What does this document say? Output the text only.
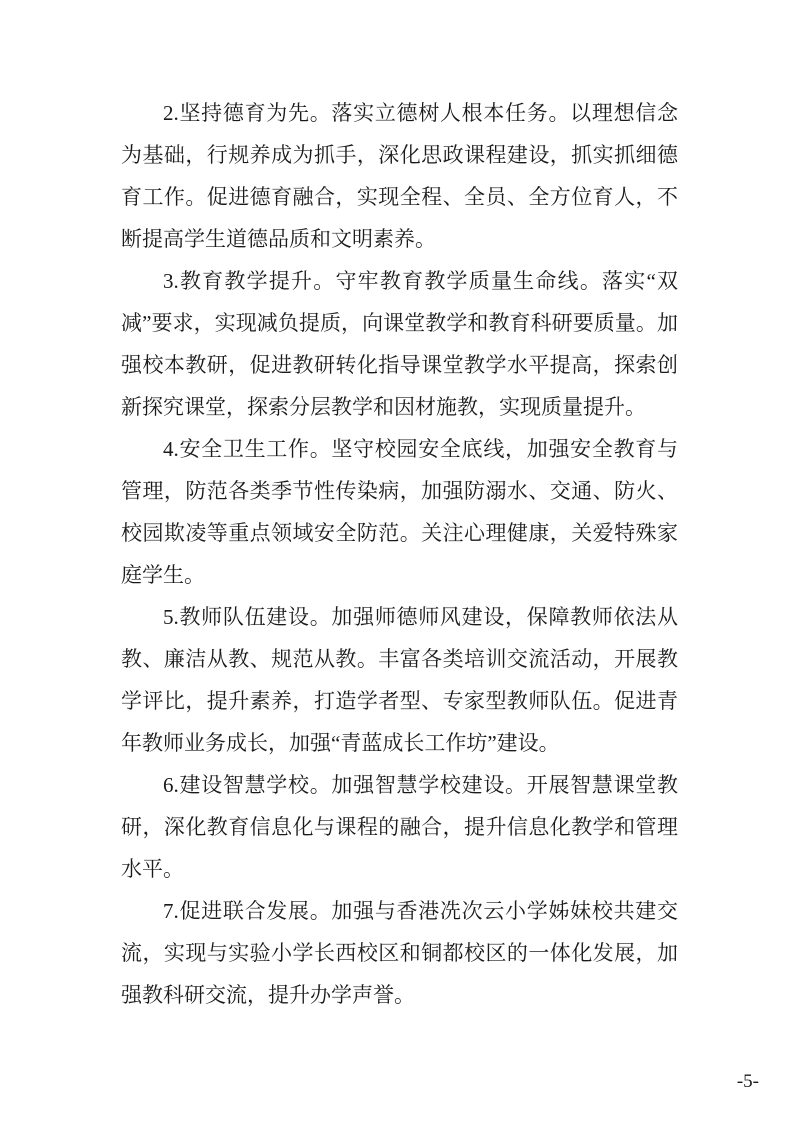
2.坚持德育为先。落实立德树人根本任务。以理想信念为基础，行规养成为抓手，深化思政课程建设，抓实抓细德育工作。促进德育融合，实现全程、全员、全方位育人，不断提高学生道德品质和文明素养。

3.教育教学提升。守牢教育教学质量生命线。落实“双减”要求，实现减负提质，向课堂教学和教育科研要质量。加强校本教研，促进教研转化指导课堂教学水平提高，探索创新探究课堂，探索分层教学和因材施教，实现质量提升。

4.安全卫生工作。坚守校园安全底线，加强安全教育与管理，防范各类季节性传染病，加强防溺水、交通、防火、校园欺凌等重点领域安全防范。关注心理健康，关爱特殊家庭学生。

5.教师队伍建设。加强师德师风建设，保障教师依法从教、廉洁从教、规范从教。丰富各类培训交流活动，开展教学评比，提升素养，打造学者型、专家型教师队伍。促进青年教师业务成长，加强“青蓝成长工作坊”建设。

6.建设智慧学校。加强智慧学校建设。开展智慧课堂教研，深化教育信息化与课程的融合，提升信息化教学和管理水平。

7.促进联合发展。加强与香港冼次云小学姊妹校共建交流，实现与实验小学长西校区和铜都校区的一体化发展，加强教科研交流，提升办学声誉。

-5-
